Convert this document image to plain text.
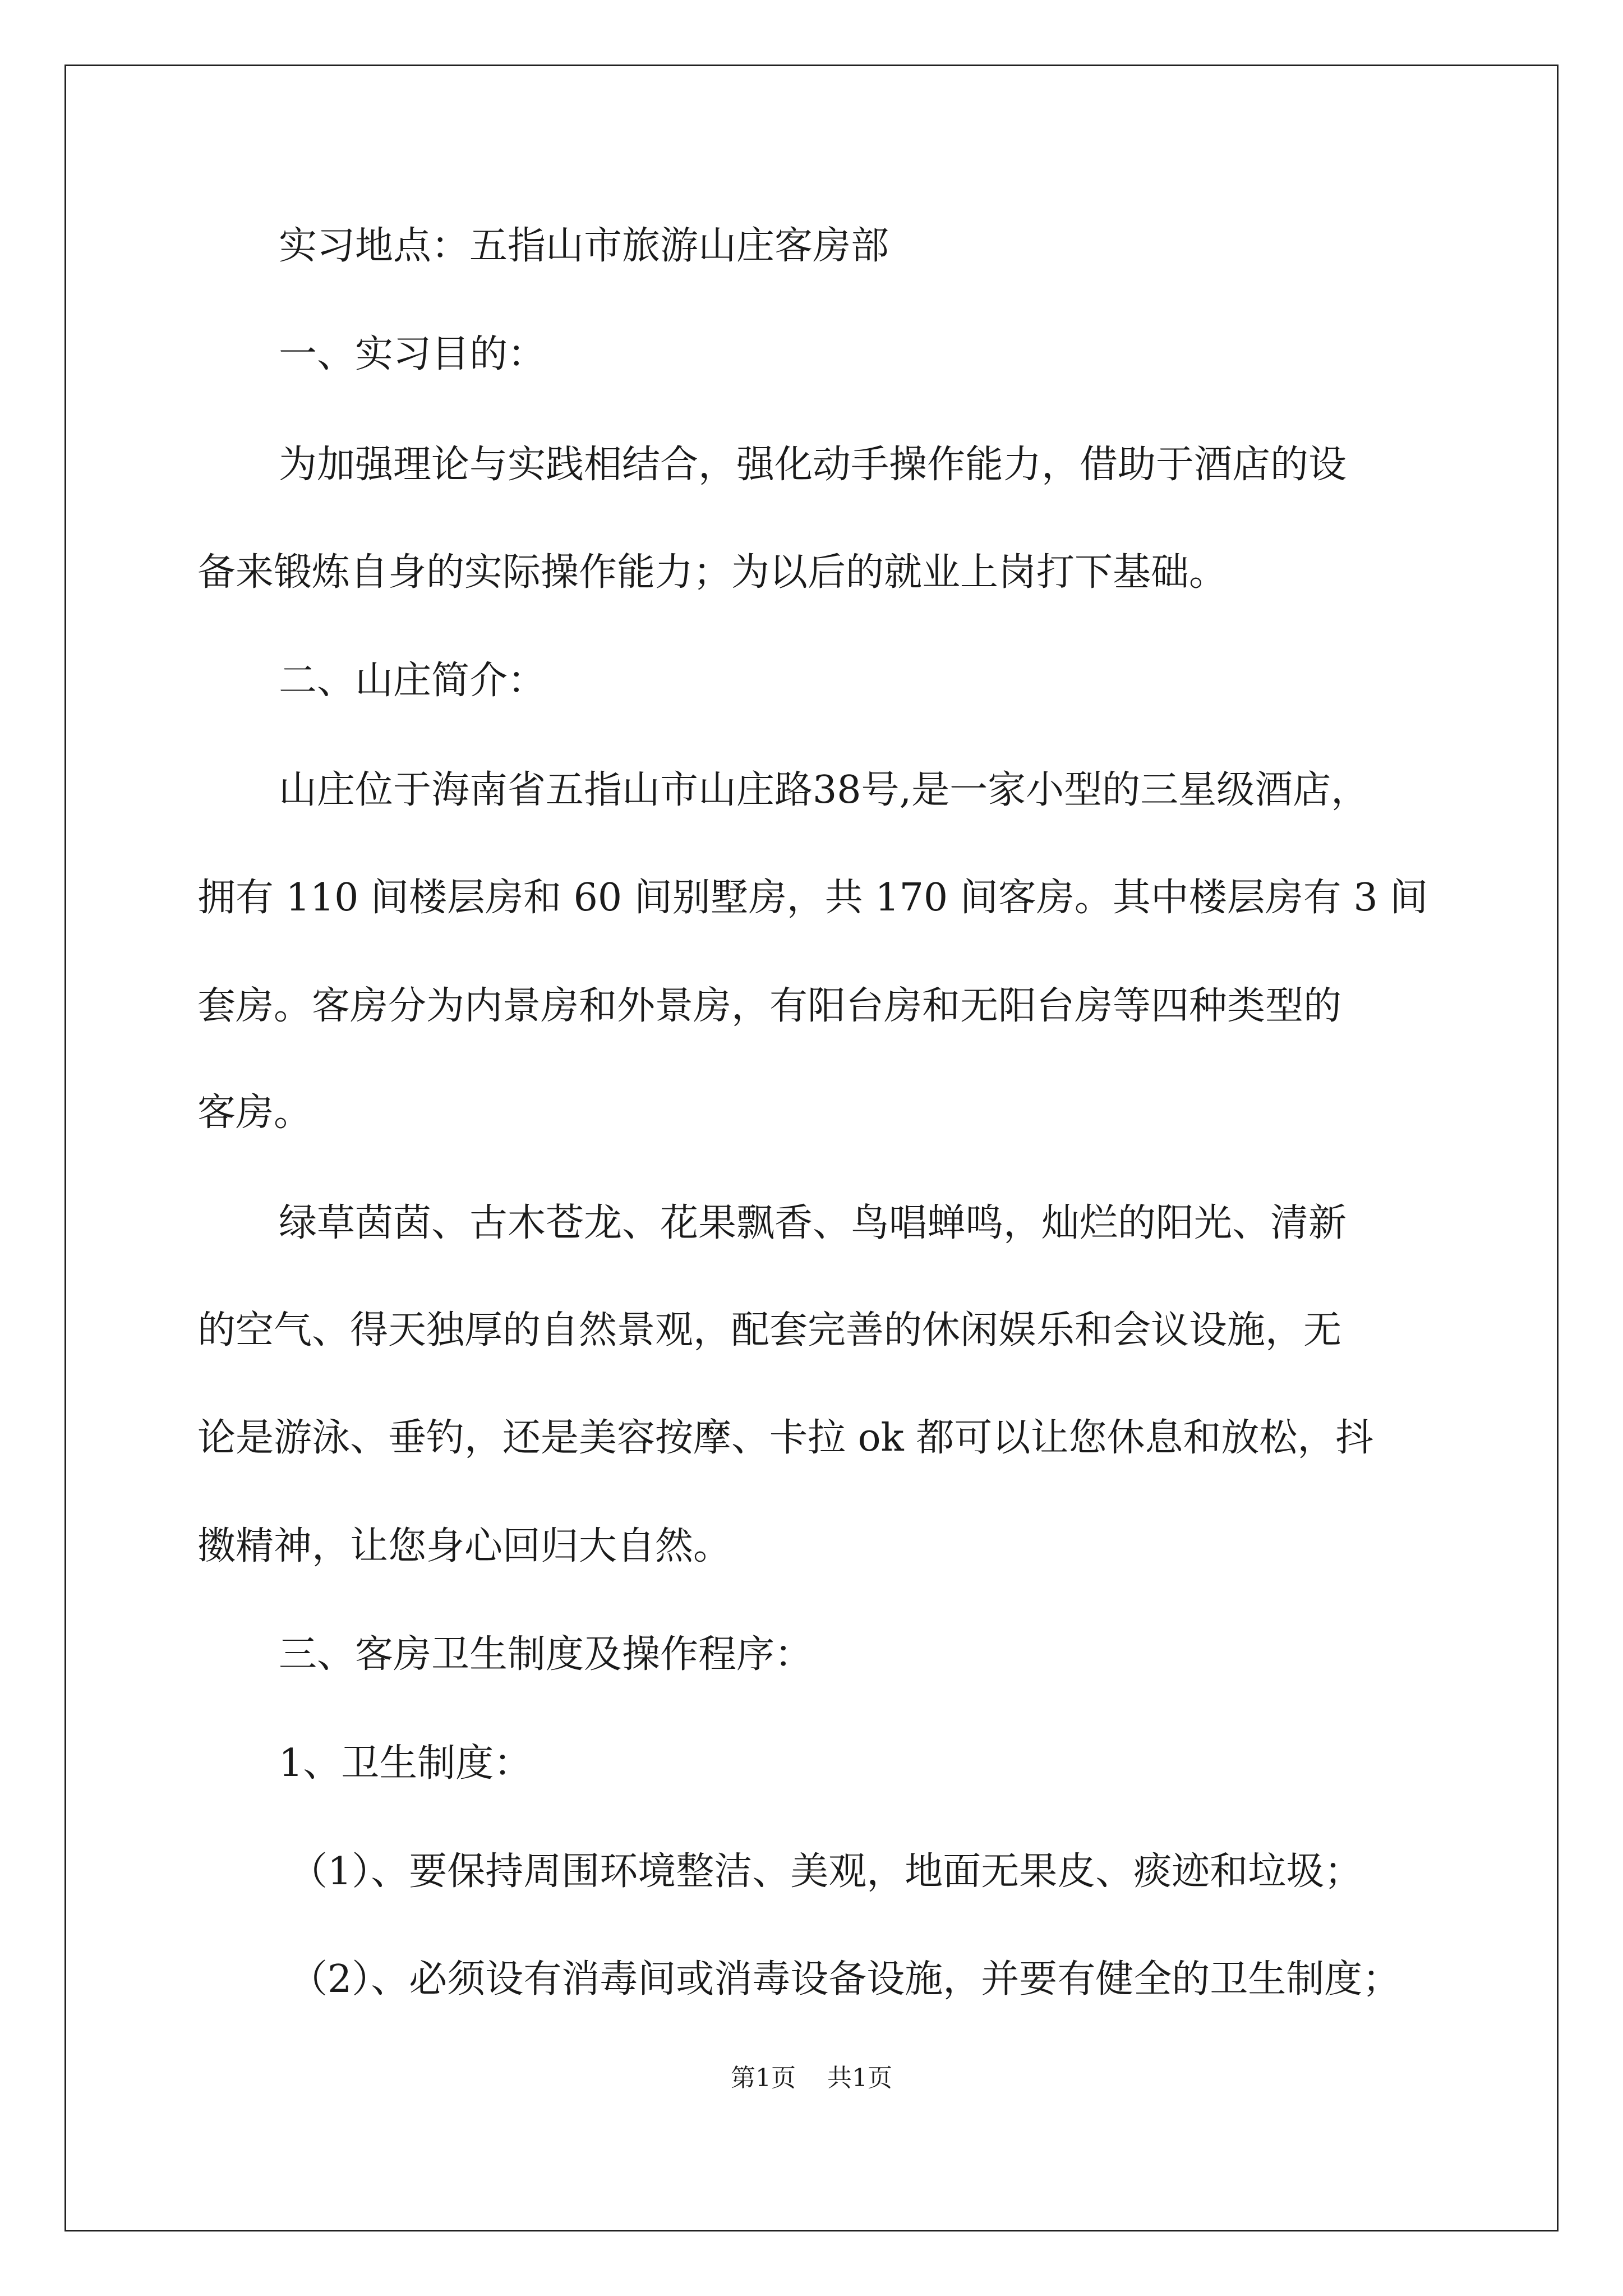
实习地点：五指山市旅游山庄客房部
一、实习目的：
为加强理论与实践相结合，强化动手操作能力，借助于酒店的设
备来锻炼自身的实际操作能力；为以后的就业上岗打下基础。
二、山庄简介：
山庄位于海南省五指山市山庄路38号,是一家小型的三星级酒店，
拥有 110 间楼层房和 60 间别墅房，共 170 间客房。其中楼层房有 3 间
套房。客房分为内景房和外景房，有阳台房和无阳台房等四种类型的
客房。
绿草茵茵、古木苍龙、花果飘香、鸟唱蝉鸣，灿烂的阳光、清新
的空气、得天独厚的自然景观，配套完善的休闲娱乐和会议设施，无
论是游泳、垂钓，还是美容按摩、卡拉 ok 都可以让您休息和放松，抖
擞精神，让您身心回归大自然。
三、客房卫生制度及操作程序：
1、卫生制度：
（1）、要保持周围环境整洁、美观，地面无果皮、痰迹和垃圾；
（2）、必须设有消毒间或消毒设备设施，并要有健全的卫生制度；
第1页 共1页
